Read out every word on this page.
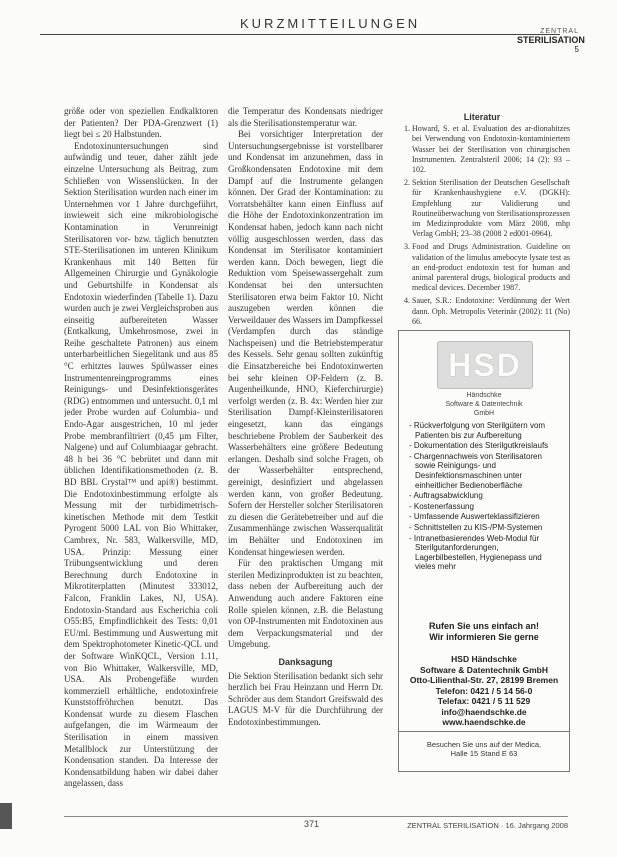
KURZMITTEILUNGEN
ZENTRAL
STERILISATION
5

größe oder von speziellen Endkalktoren der Patienten? Der PDA-Grenzwert (1) liegt bei ≤ 20 Halbstunden.

Endotoxinuntersuchungen sind aufwändig und teuer, daher zählt jede einzelne Untersuchung als Beitrag, zum Schließen von Wissenslücken. In der Sektion Sterilisation wurden nach einer im Unternehmen vor 1 Jahre durchgeführt, inwieweit sich eine mikrobiologische Kontamination in Verunreinigt Sterilisatoren vor- bzw. täglich benutzten STE-Sterilisationen im unteren Klinikum Krankenhaus mit 140 Betten für Allgemeinen Chirurgie und Gynäkologie und Geburtshilfe in Kondensat als Endotoxin wiederfinden (Tabelle 1). Dazu wurden auch je zwei Vergleichsproben aus einseitig aufbereiteten Wasser (Entkalkung, Umkehrosmose, zwei in Reihe geschaltete Patronen) aus einem unterbarbeitlichen Siegelitank und aus 85 °C erhitztes lauwes Spülwasser eines Instrumentenreingprogramms eines Reinigungs- und Desinfektionsgerätes (RDG) entnommen und untersucht. 0,1 ml jeder Probe wurden auf Columbia- und Endo-Agar ausgestrichen, 10 ml jeder Probe membranfiltriert (0,45 µm Filter, Nalgene) und auf Columbiaagar gebracht. 48 h bei 36 °C bebrütet und dann mit üblichen Identifikationsmethoden (z. B. BD BBL Crystal™ und api®) bestimmt. Die Endotoxinbestimmung erfolgte als Messung mit der turbidimetrisch-kinetischen Methode mit dem Testkit Pyrogent 5000 LAL von Bio Whittaker, Cambrex, Nr. 583, Walkersville, MD, USA. Prinzip: Messung einer Trübungsentwicklung und deren Berechnung durch Endotoxine in Mikrotiterplatten (Minutest 333012, Falcon, Franklin Lakes, NJ, USA). Endotoxin-Standard aus Escherichia coli O55:B5, Empfindlichkeit des Tests: 0,01 EU/ml. Bestimmung und Auswertung mit dem Spektrophotometer Kinetic-QCL und der Software WinKQCL, Version 1.11, von Bio Whittaker, Walkersville, MD, USA. Als Probengefäße wurden kommerziell erhältliche, endotoxinfreie Kunststoffröhrchen benutzt. Das Kondensat wurde zu diesem Flaschen aufgefangen, die im Wärmeaum der Sterilisation in einem massiven Metallblock zur Unterstützung der Kondensation standen. Da Interesse der Kondensatbildung haben wir dabei daher angelassen, dass

die Temperatur des Kondensats niedriger als die Sterilisationstemperatur war.

Bei vorsichtiger Interpretation der Untersuchungsergebnisse ist vorstellbarer und Kondensat im anzunehmen, dass in Großkondensaten Endotoxine mit dem Dampf auf die Instrumente gelangen können. Der Grad der Kontamination: zu Vorratsbehälter kann einen Einfluss auf die Höhe der Endotoxinkonzentration im Kondensat haben, jedoch kann nach nicht völlig ausgeschlossen werden, dass das Kondensat im Sterilisator kontaminiert werden kann. Doch bewegen, liegt die Reduktion vom Speisewassergehalt zum Kondensat bei den untersuchten Sterilisatoren etwa beim Faktor 10. Nicht auszugeben werden können die Verweildauer des Wassers im Dampfkessel (Verdampfen durch das ständige Nachspeisen) und die Betriebstemperatur des Kessels. Sehr genau sollten zukünftig die Einsatzbereiche bei Endotoxinwerten bei sehr kleinen OP-Feldern (z. B. Augenheilkunde, HNO, Kieferchirurgie) verfolgt werden (z. B. 4x: Werden hier zur Sterilisation Dampf-Kleinsterilisatoren eingesetzt, kann das eingangs beschriebene Problem der Sauberkeit des Wasserbehälters eine größere Bedeutung erlangen. Deshalb sind solche Fragen, ob der Wasserbehälter entsprechend, gereinigt, desinfiziert und abgelassen werden kann, von großer Bedeutung. Sofern der Hersteller solcher Sterilisatoren zu diesen die Gerätebetreiber und auf die Zusammenhänge zwischen Wasserqualität im Behälter und Endotoxinen im Kondensat hingewiesen werden.

Für den praktischen Umgang mit sterilen Medizinprodukten ist zu beachten, dass neben der Aufbereitung auch der Anwendung auch andere Faktoren eine Rolle spielen können, z.B. die Belastung von OP-Instrumenten mit Endotoxinen aus dem Verpackungsmaterial und der Umgebung.

Danksagung

Die Sektion Sterilisation bedankt sich sehr herzlich bei Frau Heinzann und Herrn Dr. Schröder aus dem Standort Greifswald des LAGUS M-V für die Durchführung der Endotoxinbestimmungen.

Literatur
1. Howard, S. et al. Evaluation des ar-dionabitzes bei Verwendung von Endotoxin-kontaminiertem Wasser bei der Sterilisation von chirurgischen Instrumenten. Zentralsteril 2006; 14 (2): 93 – 102.
2. Sektion Sterilisation der Deutschen Gesellschaft für Krankenhaushygiene e.V. (DGKH): Empfehlung zur Validierung und Routineüberwachung von Sterilisationsprozessen im Medizinprodukte vom März 2008, mhp Verlag GmbH; 23–38 (2008 2 ed001-0964).
3. Food and Drugs Administration. Guideline on validation of the limulus amebocyte lysate test as an end-product endotoxin test for human and animal parenteral drugs, biological products and medical devices. December 1987.
4. Sauer, S.R.: Endotoxine: Verdünnung der Wert dann. Oph. Metropolis Veterinär (2002): 11 (No) 66.
HSD
Händschke
Software & Datentechnik
GmbH
- Rückverfolgung von Sterilgütern vom Patienten bis zur Aufbereitung
- Dokumentation des Sterilgutkreislaufs
- Chargennachweis von Sterilisatoren sowie Reinigungs- und Desinfektionsmaschinen unter einheitlicher Bedienoberfläche
- Auftragsabwicklung
- Kostenerfassung
- Umfassende Auswerteklassifizieren
- Schnittstellen zu KIS-/PM-Systemen
- Intranetbasierendes Web-Modul für Sterilgutanforderungen, Lagerbilbestellen, Hygienepass und vieles mehr
Rufen Sie uns einfach an!
Wir informieren Sie gerne
HSD Händschke
Software & Datentechnik GmbH
Otto-Lilienthal-Str. 27, 28199 Bremen
Telefon: 0421 / 5 14 56-0
Telefax: 0421 / 5 11 529
info@haendschke.de
www.haendschke.de
Besuchen Sie uns auf der Medica,
Halle 15 Stand E 63
371	ZENTRAL STERILISATION · 16. Jahrgang 2008
